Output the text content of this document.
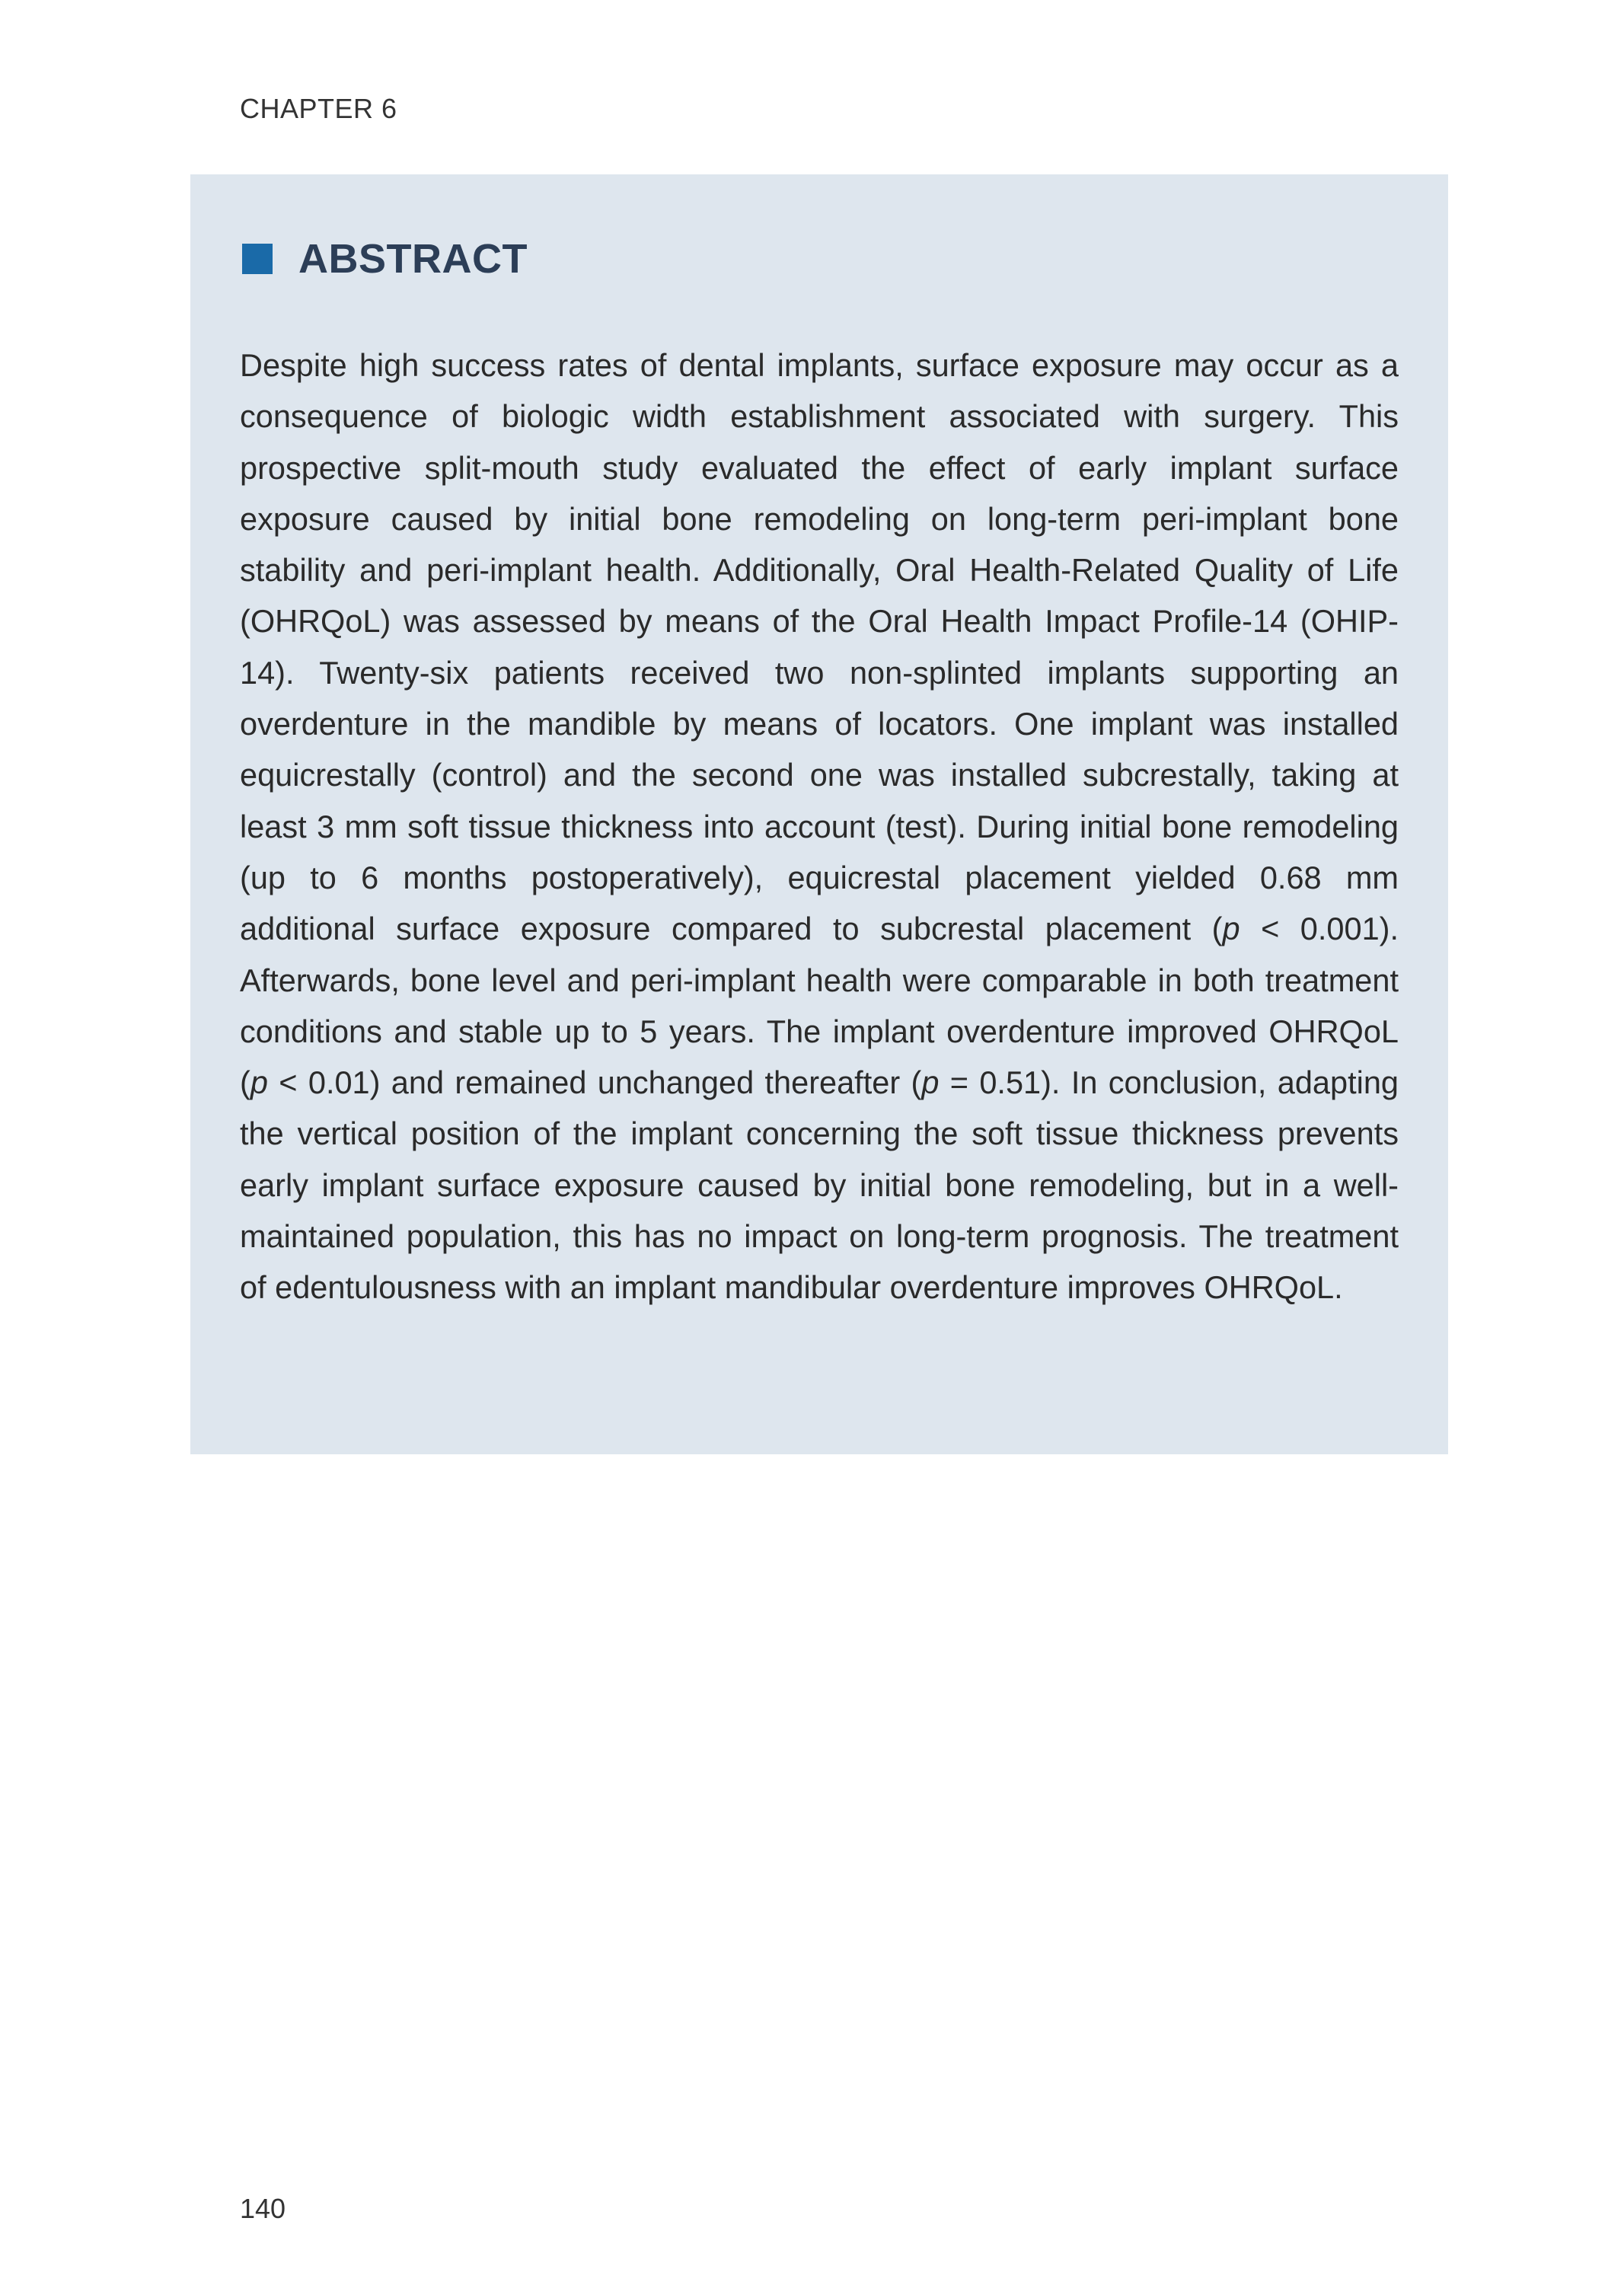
CHAPTER 6
ABSTRACT
Despite high success rates of dental implants, surface exposure may occur as a consequence of biologic width establishment associated with surgery. This prospective split-mouth study evaluated the effect of early implant surface exposure caused by initial bone remodeling on long-term peri-implant bone stability and peri-implant health. Additionally, Oral Health-Related Quality of Life (OHRQoL) was assessed by means of the Oral Health Impact Profile-14 (OHIP-14). Twenty-six patients received two non-splinted implants supporting an overdenture in the mandible by means of locators. One implant was installed equicrestally (control) and the second one was installed subcrestally, taking at least 3 mm soft tissue thickness into account (test). During initial bone remodeling (up to 6 months postoperatively), equicrestal placement yielded 0.68 mm additional surface exposure compared to subcrestal placement (p < 0.001). Afterwards, bone level and peri-implant health were comparable in both treatment conditions and stable up to 5 years. The implant overdenture improved OHRQoL (p < 0.01) and remained unchanged thereafter (p = 0.51). In conclusion, adapting the vertical position of the implant concerning the soft tissue thickness prevents early implant surface exposure caused by initial bone remodeling, but in a well-maintained population, this has no impact on long-term prognosis. The treatment of edentulousness with an implant mandibular overdenture improves OHRQoL.
140
